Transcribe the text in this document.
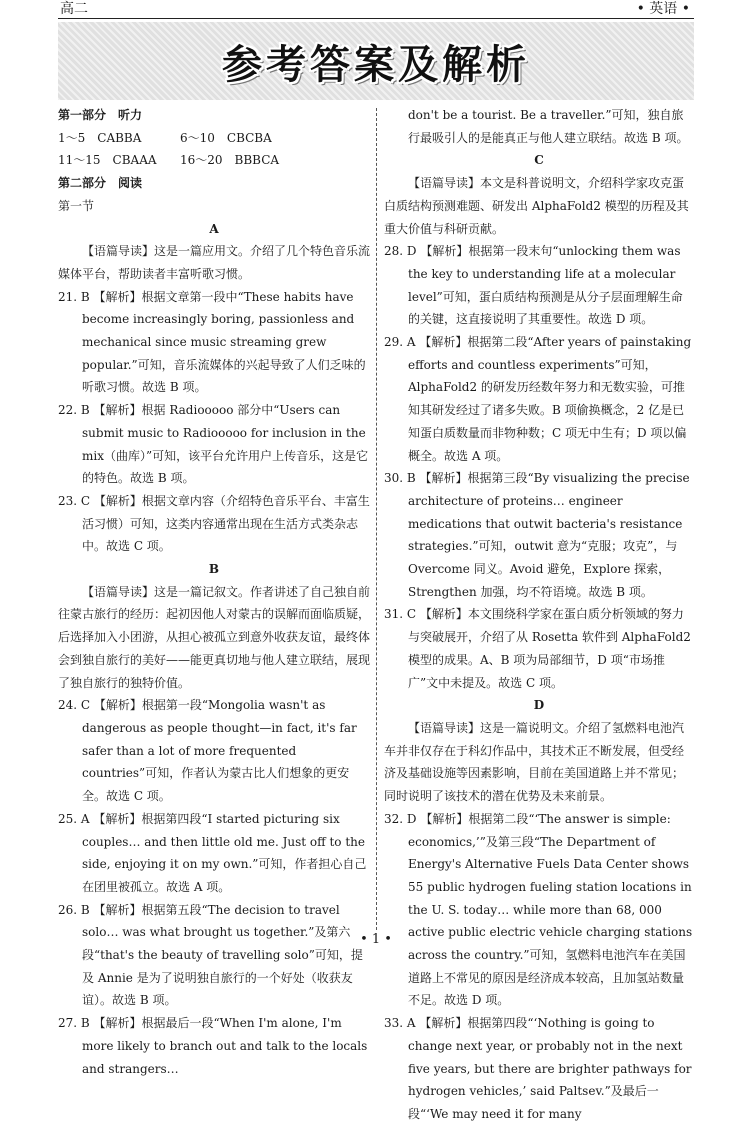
高二	• 英语 •
参考答案及解析

第一部分　听力

1～5　CABBA	6～10　CBCBA
11～15　CBAAA	16～20　BBBCA

第二部分　阅读

第一节

A

【语篇导读】这是一篇应用文。介绍了几个特色音乐流媒体平台，帮助读者丰富听歌习惯。

21. B 【解析】根据文章第一段中“These habits have become increasingly boring, passionless and mechanical since music streaming grew popular.”可知，音乐流媒体的兴起导致了人们乏味的听歌习惯。故选 B 项。

22. B 【解析】根据 Radiooooo 部分中“Users can submit music to Radiooooo for inclusion in the mix（曲库）”可知，该平台允许用户上传音乐，这是它的特色。故选 B 项。

23. C 【解析】根据文章内容（介绍特色音乐平台、丰富生活习惯）可知，这类内容通常出现在生活方式类杂志中。故选 C 项。

B

【语篇导读】这是一篇记叙文。作者讲述了自己独自前往蒙古旅行的经历：起初因他人对蒙古的误解而面临质疑，后选择加入小团游，从担心被孤立到意外收获友谊，最终体会到独自旅行的美好——能更真切地与他人建立联结，展现了独自旅行的独特价值。

24. C 【解析】根据第一段“Mongolia wasn't as dangerous as people thought—in fact, it's far safer than a lot of more frequented countries”可知，作者认为蒙古比人们想象的更安全。故选 C 项。

25. A 【解析】根据第四段“I started picturing six couples… and then little old me. Just off to the side, enjoying it on my own.”可知，作者担心自己在团里被孤立。故选 A 项。

26. B 【解析】根据第五段“The decision to travel solo… was what brought us together.”及第六段“that's the beauty of travelling solo”可知，提及 Annie 是为了说明独自旅行的一个好处（收获友谊）。故选 B 项。

27. B 【解析】根据最后一段“When I'm alone, I'm more likely to branch out and talk to the locals and strangers…

don't be a tourist. Be a traveller.”可知，独自旅行最吸引人的是能真正与他人建立联结。故选 B 项。

C

【语篇导读】本文是科普说明文，介绍科学家攻克蛋白质结构预测难题、研发出 AlphaFold2 模型的历程及其重大价值与科研贡献。

28. D 【解析】根据第一段末句“unlocking them was the key to understanding life at a molecular level”可知，蛋白质结构预测是从分子层面理解生命的关键，这直接说明了其重要性。故选 D 项。

29. A 【解析】根据第二段“After years of painstaking efforts and countless experiments”可知，AlphaFold2 的研发历经数年努力和无数实验，可推知其研发经过了诸多失败。B 项偷换概念，2 亿是已知蛋白质数量而非物种数；C 项无中生有；D 项以偏概全。故选 A 项。

30. B 【解析】根据第三段“By visualizing the precise architecture of proteins… engineer medications that outwit bacteria's resistance strategies.”可知，outwit 意为“克服；攻克”，与 Overcome 同义。Avoid 避免，Explore 探索，Strengthen 加强，均不符语境。故选 B 项。

31. C 【解析】本文围绕科学家在蛋白质分析领域的努力与突破展开，介绍了从 Rosetta 软件到 AlphaFold2 模型的成果。A、B 项为局部细节，D 项“市场推广”文中未提及。故选 C 项。

D

【语篇导读】这是一篇说明文。介绍了氢燃料电池汽车并非仅存在于科幻作品中，其技术正不断发展，但受经济及基础设施等因素影响，目前在美国道路上并不常见；同时说明了该技术的潜在优势及未来前景。

32. D 【解析】根据第二段“‘The answer is simple: economics,’”及第三段“The Department of Energy's Alternative Fuels Data Center shows 55 public hydrogen fueling station locations in the U. S. today… while more than 68, 000 active public electric vehicle charging stations across the country.”可知，氢燃料电池汽车在美国道路上不常见的原因是经济成本较高，且加氢站数量不足。故选 D 项。

33. A 【解析】根据第四段“‘Nothing is going to change next year, or probably not in the next five years, but there are brighter pathways for hydrogen vehicles,’ said Paltsev.”及最后一段“‘We may need it for many

• 1 •
